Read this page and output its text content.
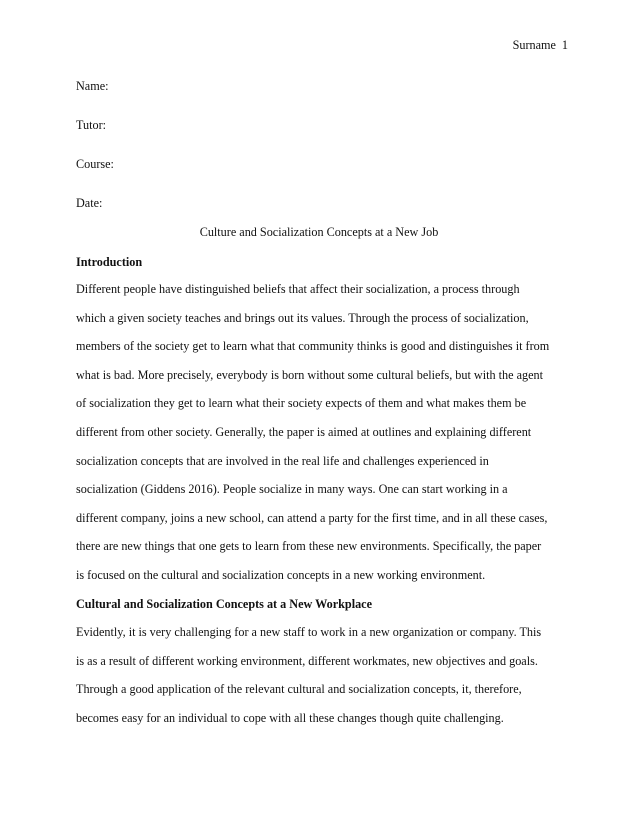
Surname 1
Name:
Tutor:
Course:
Date:
Culture and Socialization Concepts at a New Job
Introduction
Different people have distinguished beliefs that affect their socialization, a process through
which a given society teaches and brings out its values. Through the process of socialization,
members of the society get to learn what that community thinks is good and distinguishes it from
what is bad. More precisely, everybody is born without some cultural beliefs, but with the agent
of socialization they get to learn what their society expects of them and what makes them be
different from other society. Generally, the paper is aimed at outlines and explaining different
socialization concepts that are involved in the real life and challenges experienced in
socialization (Giddens 2016). People socialize in many ways. One can start working in a
different company, joins a new school, can attend a party for the first time, and in all these cases,
there are new things that one gets to learn from these new environments. Specifically, the paper
is focused on the cultural and socialization concepts in a new working environment.
Cultural and Socialization Concepts at a New Workplace
Evidently, it is very challenging for a new staff to work in a new organization or company. This
is as a result of different working environment, different workmates, new objectives and goals.
Through a good application of the relevant cultural and socialization concepts, it, therefore,
becomes easy for an individual to cope with all these changes though quite challenging.
